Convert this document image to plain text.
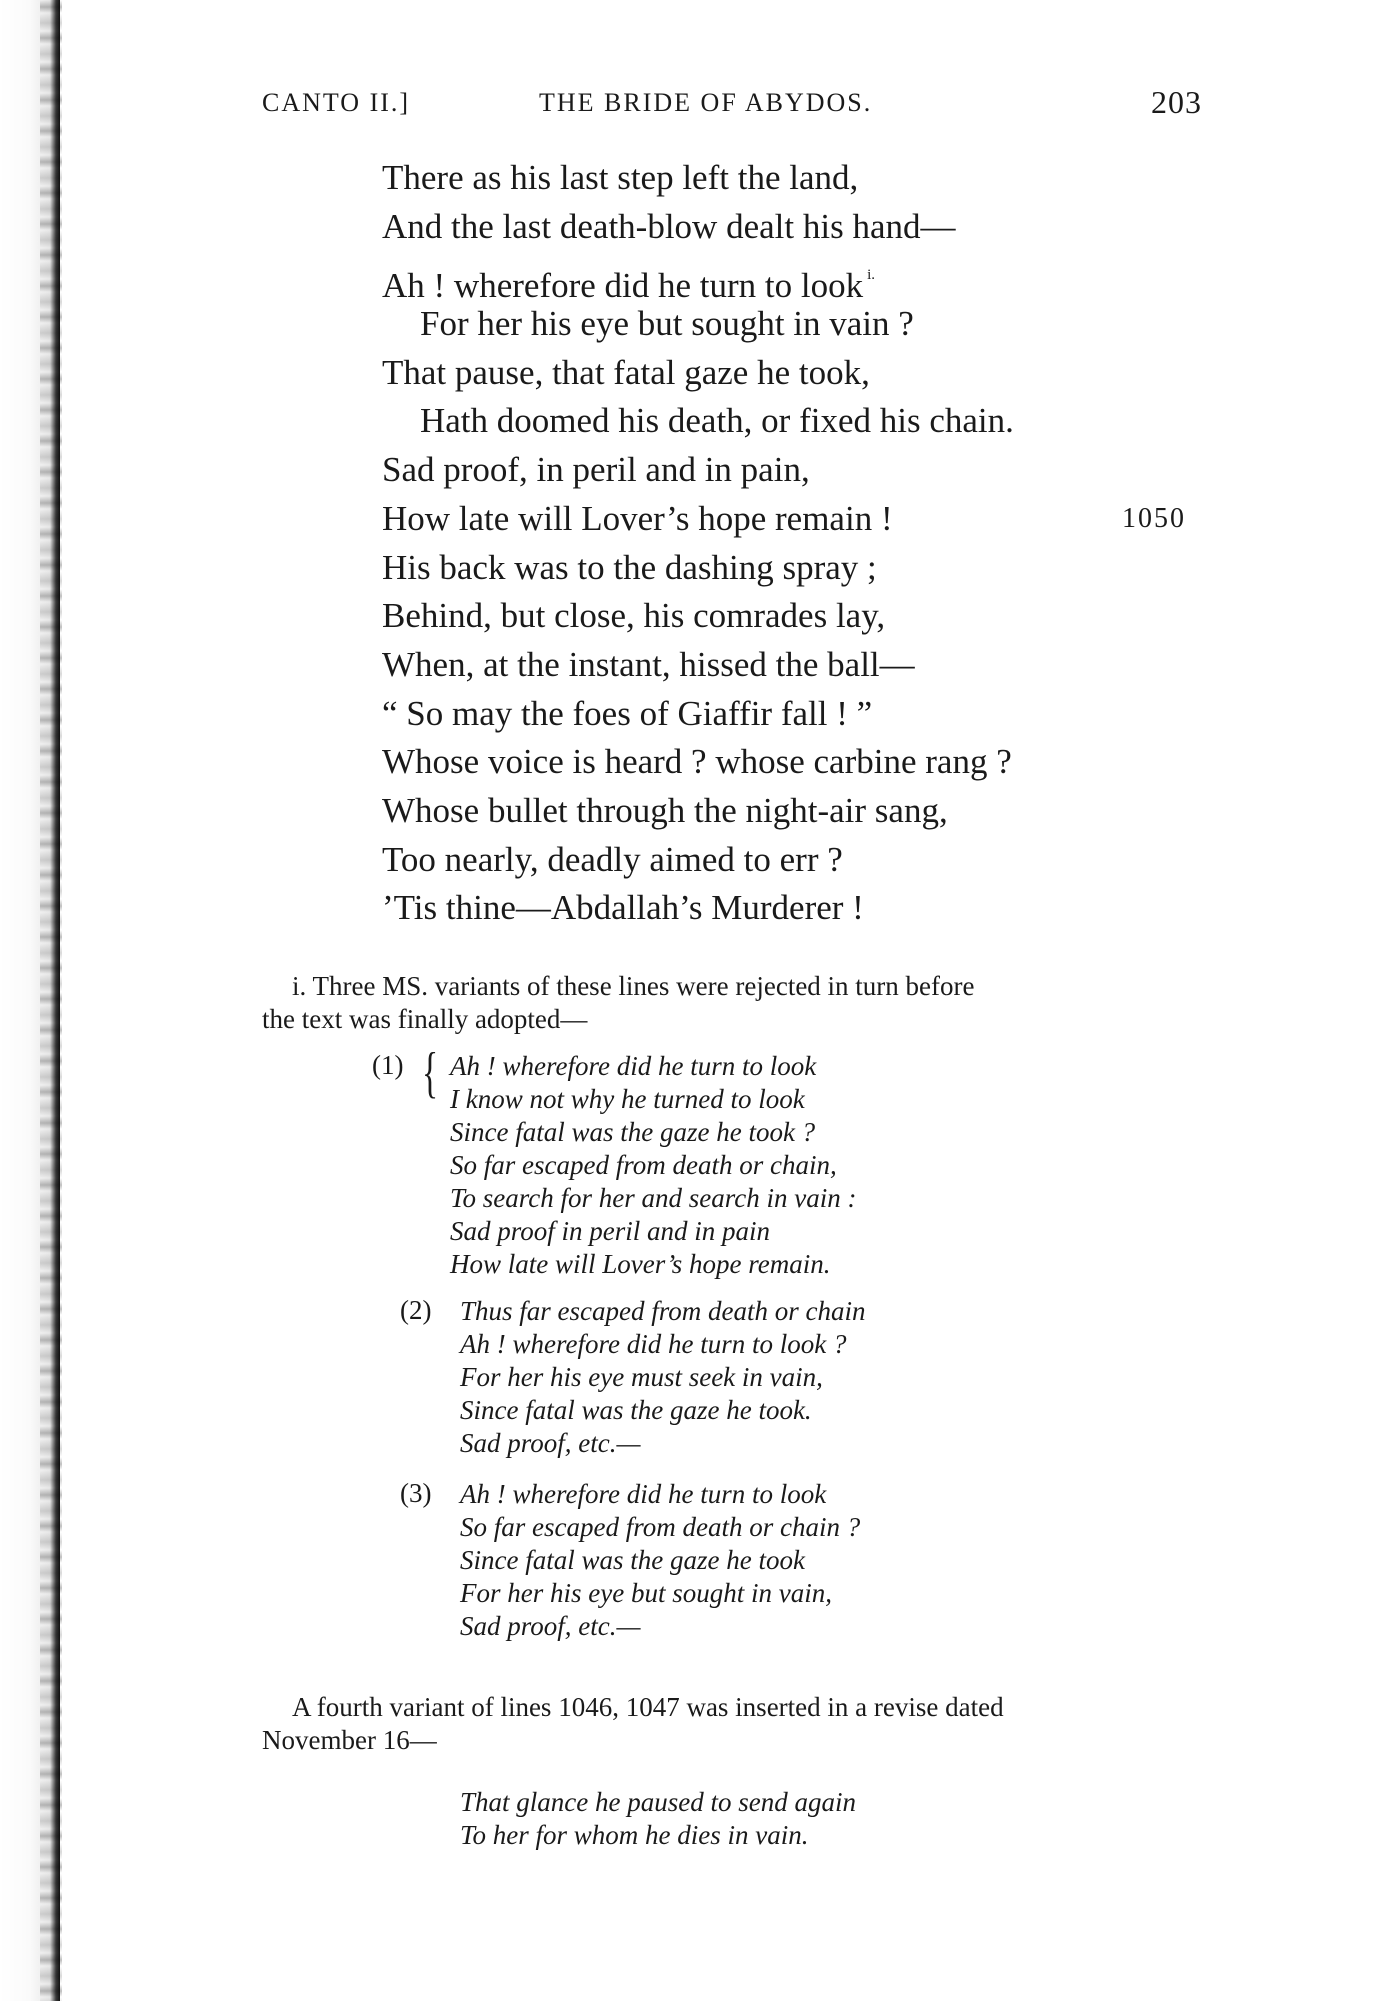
CANTO II.]	THE BRIDE OF ABYDOS.	203
There as his last step left the land,
And the last death-blow dealt his hand—
Ah ! wherefore did he turn to look $^{i.}$
For her his eye but sought in vain ?
That pause, that fatal gaze he took,
Hath doomed his death, or fixed his chain.
Sad proof, in peril and in pain,
How late will Lover’s hope remain !	1050
His back was to the dashing spray ;
Behind, but close, his comrades lay,
When, at the instant, hissed the ball—
“ So may the foes of Giaffir fall ! ”
Whose voice is heard ? whose carbine rang ?
Whose bullet through the night-air sang,
Too nearly, deadly aimed to err ?
’Tis thine—Abdallah’s Murderer !
i. Three MS. variants of these lines were rejected in turn before
the text was finally adopted—
(1) { Ah ! wherefore did he turn to look
I know not why he turned to look
Since fatal was the gaze he took ?
So far escaped from death or chain,
To search for her and search in vain :
Sad proof in peril and in pain
How late will Lover’s hope remain.
(2) Thus far escaped from death or chain
Ah ! wherefore did he turn to look ?
For her his eye must seek in vain,
Since fatal was the gaze he took.
Sad proof, etc.—
(3) Ah ! wherefore did he turn to look
So far escaped from death or chain ?
Since fatal was the gaze he took
For her his eye but sought in vain,
Sad proof, etc.—
A fourth variant of lines 1046, 1047 was inserted in a revise dated
November 16—
That glance he paused to send again
To her for whom he dies in vain.
